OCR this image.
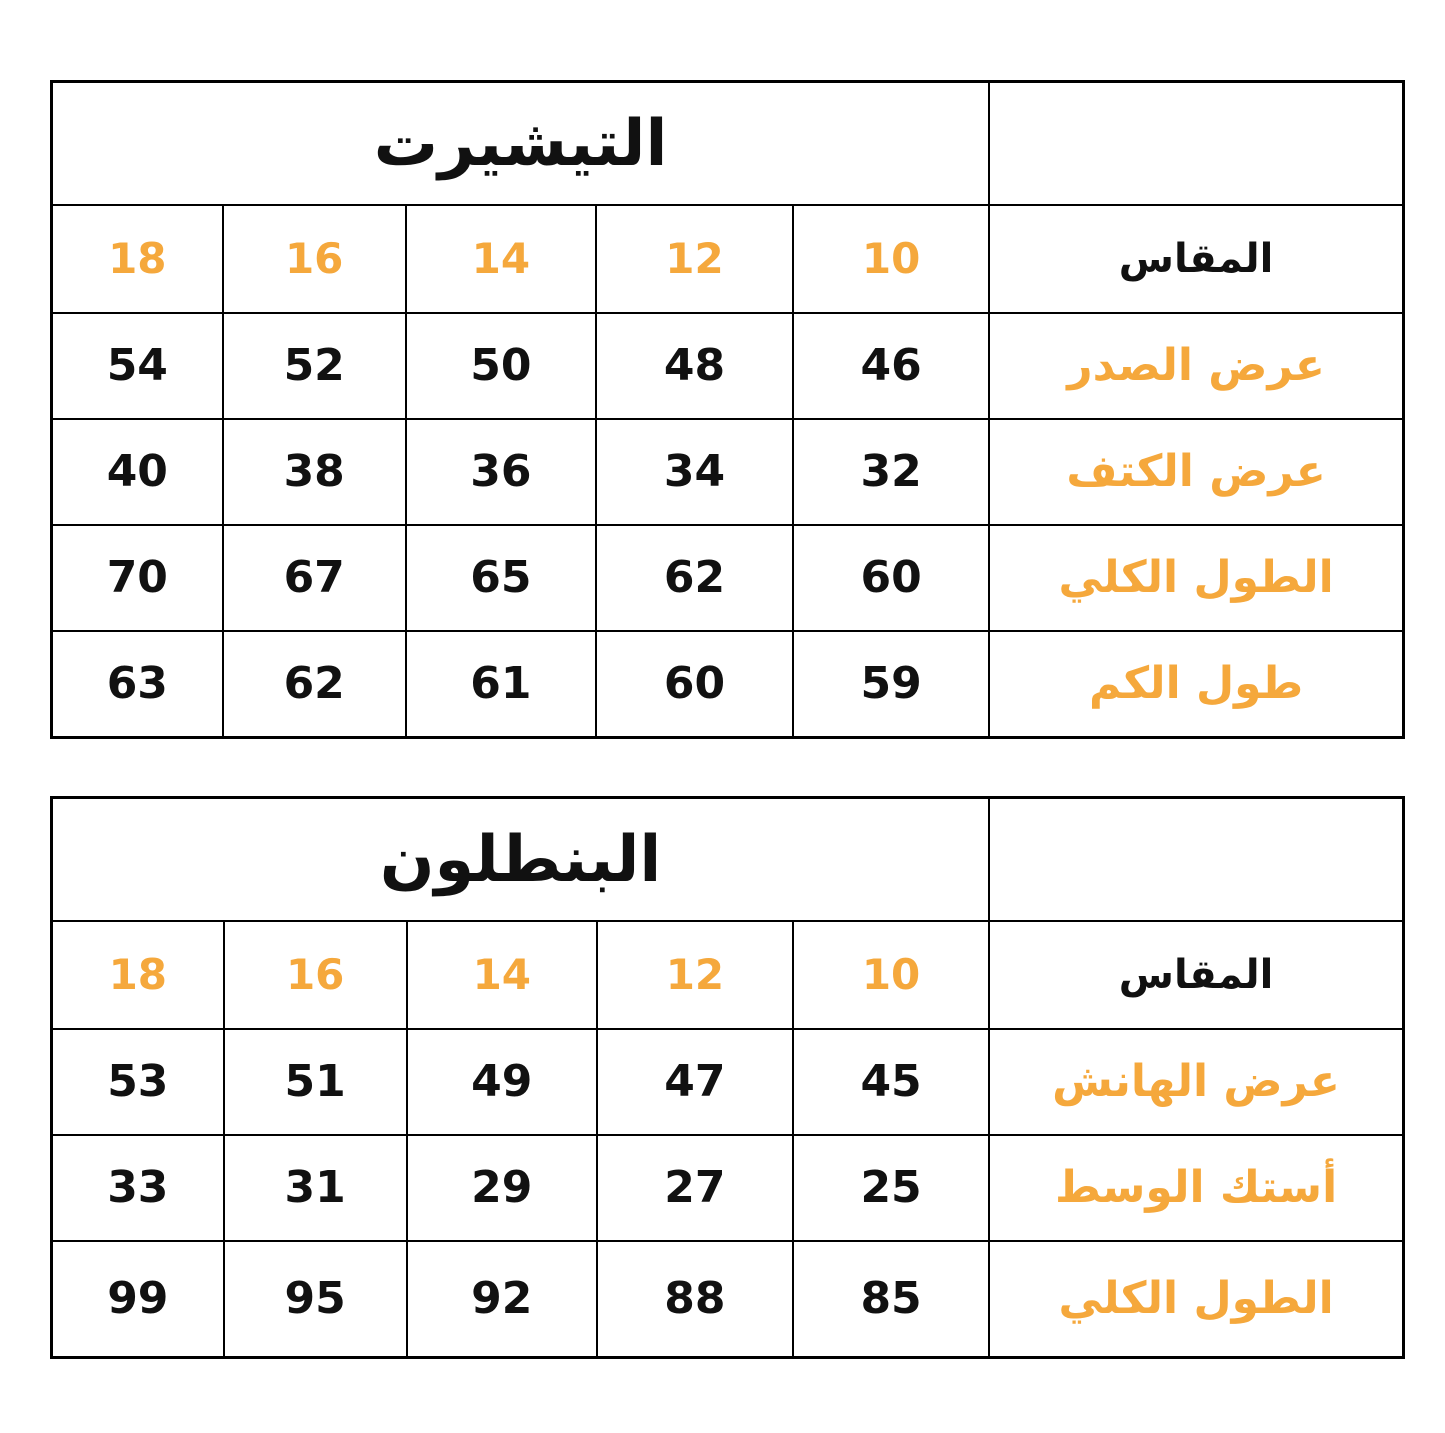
التيشيرت					
18	16	14	12	10	المقاس
54	52	50	48	46	عرض الصدر
40	38	36	34	32	عرض الكتف
70	67	65	62	60	الطول الكلي
63	62	61	60	59	طول الكم
البنطلون					
18	16	14	12	10	المقاس
53	51	49	47	45	عرض الهانش
33	31	29	27	25	أستك الوسط
99	95	92	88	85	الطول الكلي
